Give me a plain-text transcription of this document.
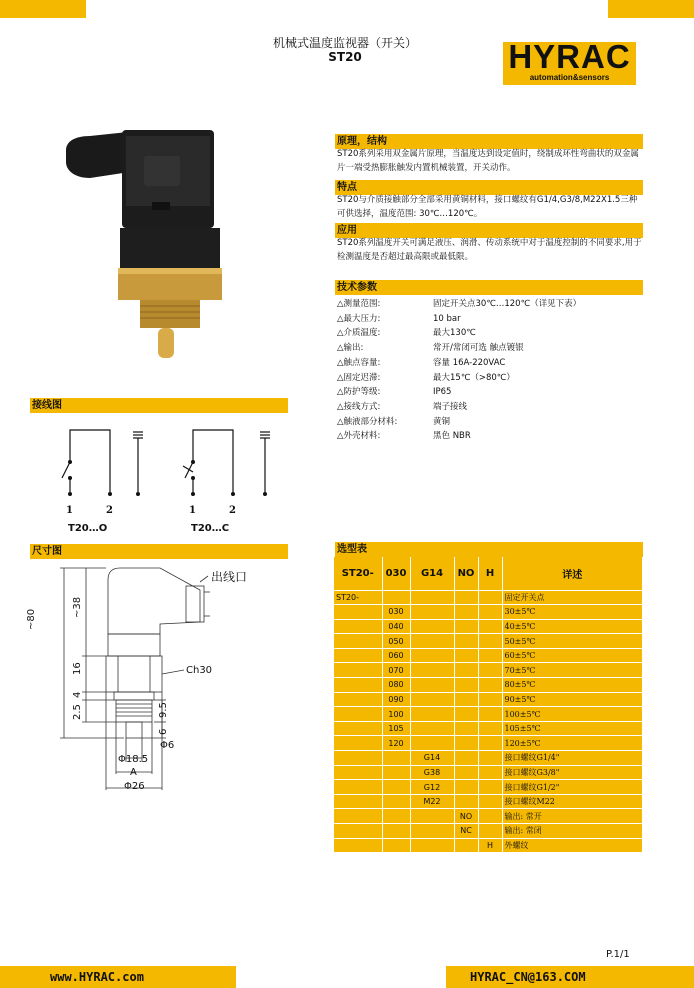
机械式温度监视器（开关）
ST20	HYRAC
automation&sensors
原理，结构
ST20系列采用双金属片原理，当温度达到设定值时，绕制成环性弯曲状的双金属片一端受热膨胀触发内置机械装置，开关动作。
特点
ST20与介质接触部分全部采用黄铜材料，接口螺纹有G1/4,G3/8,M22X1.5三种可供选择，温度范围: 30℃…120℃。
应用
ST20系列温度开关可满足液压、润滑、传动系统中对于温度控制的不同要求,用于检测温度是否超过最高限或最低限。
技术参数
△测量范围:	固定开关点30℃…120℃（详见下表）
△最大压力:	10 bar
△介质温度:	最大130℃
△输出:	常开/常闭可选 触点镀银
△触点容量:	容量 16A-220VAC
△固定迟滞:	最大15℃（>80℃）
△防护等级:	IP65
△接线方式:	端子接线
△触液部分材料:	黄铜
△外壳材料:	黑色 NBR
接线图
1	2	1	2
T20…O	T20…C
尺寸图
出线口
Ch30
~80
~38
16
4
2.5	9.5
6
Φ6
Φ18.5
A
Φ26
选型表
ST20-	030	G14	NO	H	详述
ST20-					固定开关点
	030				30±5℃
	040				40±5℃
	050				50±5℃
	060				60±5℃
	070				70±5℃
	080				80±5℃
	090				90±5℃
	100				100±5℃
	105				105±5℃
	120				120±5℃
		G14			接口螺纹G1/4"
		G38			接口螺纹G3/8"
		G12			接口螺纹G1/2"
		M22			接口螺纹M22
			NO		输出: 常开
			NC		输出: 常闭
				H	外螺纹
P.1/1
www.HYRAC.com	HYRAC_CN@163.COM
